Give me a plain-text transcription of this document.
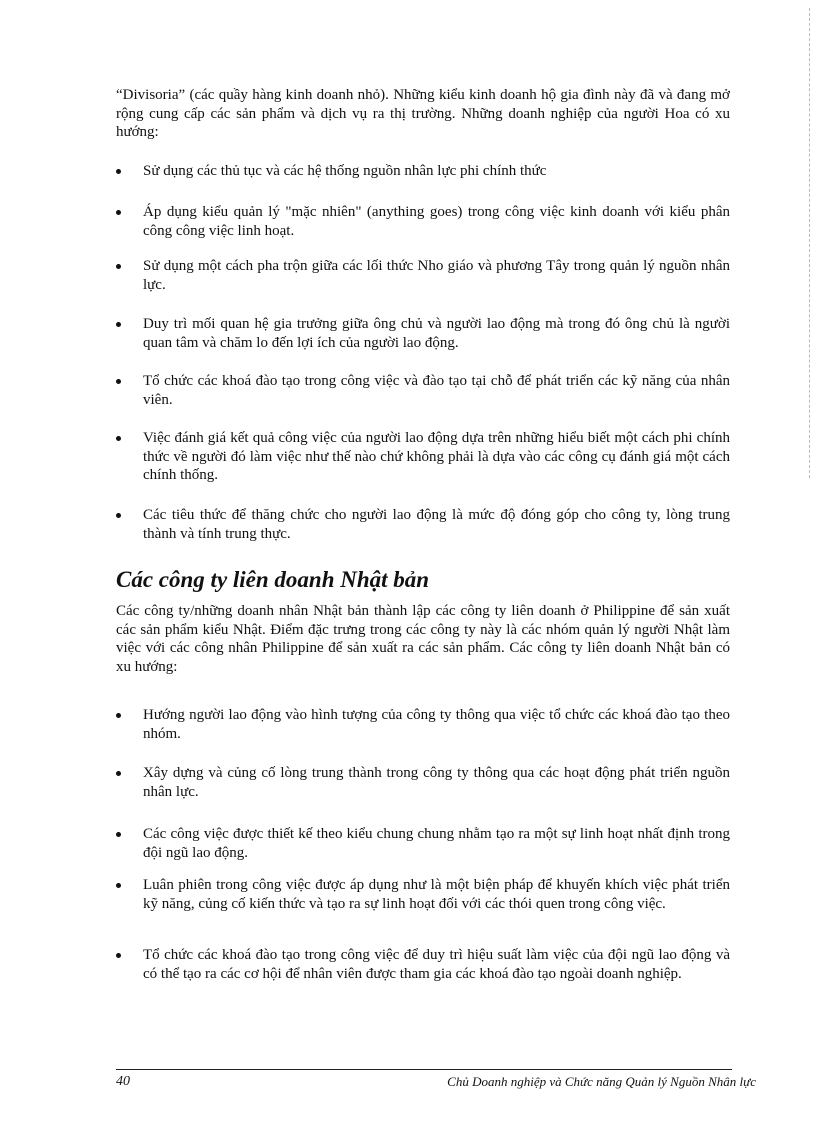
“Divisoria” (các quầy hàng kinh doanh nhỏ). Những kiểu kinh doanh hộ gia đình này đã và đang mở rộng cung cấp các sản phẩm và dịch vụ ra thị trường. Những doanh nghiệp của người Hoa có xu hướng:

Sử dụng các thủ tục và các hệ thống nguồn nhân lực phi chính thức
Áp dụng kiểu quản lý "mặc nhiên" (anything goes) trong công việc kinh doanh với kiểu phân công công việc linh hoạt.
Sử dụng một cách pha trộn giữa các lối thức Nho giáo và phương Tây trong quản lý nguồn nhân lực.
Duy trì mối quan hệ gia trưởng giữa ông chủ và người lao động mà trong đó ông chủ là người quan tâm và chăm lo đến lợi ích của người lao động.
Tổ chức các khoá đào tạo trong công việc và đào tạo tại chỗ để phát triển các kỹ năng của nhân viên.
Việc đánh giá kết quả công việc của người lao động dựa trên những hiểu biết một cách phi chính thức về người đó làm việc như thế nào chứ không phải là dựa vào các công cụ đánh giá một cách chính thống.
Các tiêu thức để thăng chức cho người lao động là mức độ đóng góp cho công ty, lòng trung thành và tính trung thực.
Các công ty liên doanh Nhật bản

Các công ty/những doanh nhân Nhật bản thành lập các công ty liên doanh ở Philippine để sản xuất các sản phẩm kiểu Nhật. Điểm đặc trưng trong các công ty này là các nhóm quản lý người Nhật làm việc với các công nhân Philippine để sản xuất ra các sản phẩm. Các công ty liên doanh Nhật bản có xu hướng:

Hướng người lao động vào hình tượng của công ty thông qua việc tổ chức các khoá đào tạo theo nhóm.
Xây dựng và củng cố lòng trung thành trong công ty thông qua các hoạt động phát triển nguồn nhân lực.
Các công việc được thiết kế theo kiểu chung chung nhằm tạo ra một sự linh hoạt nhất định trong đội ngũ lao động.
Luân phiên trong công việc được áp dụng như là một biện pháp để khuyến khích việc phát triển kỹ năng, củng cố kiến thức và tạo ra sự linh hoạt đối với các thói quen trong công việc.
Tổ chức các khoá đào tạo trong công việc để duy trì hiệu suất làm việc của đội ngũ lao động và có thể tạo ra các cơ hội để nhân viên được tham gia các khoá đào tạo ngoài doanh nghiệp.
40	Chủ Doanh nghiệp và Chức năng Quản lý Nguồn Nhân lực
